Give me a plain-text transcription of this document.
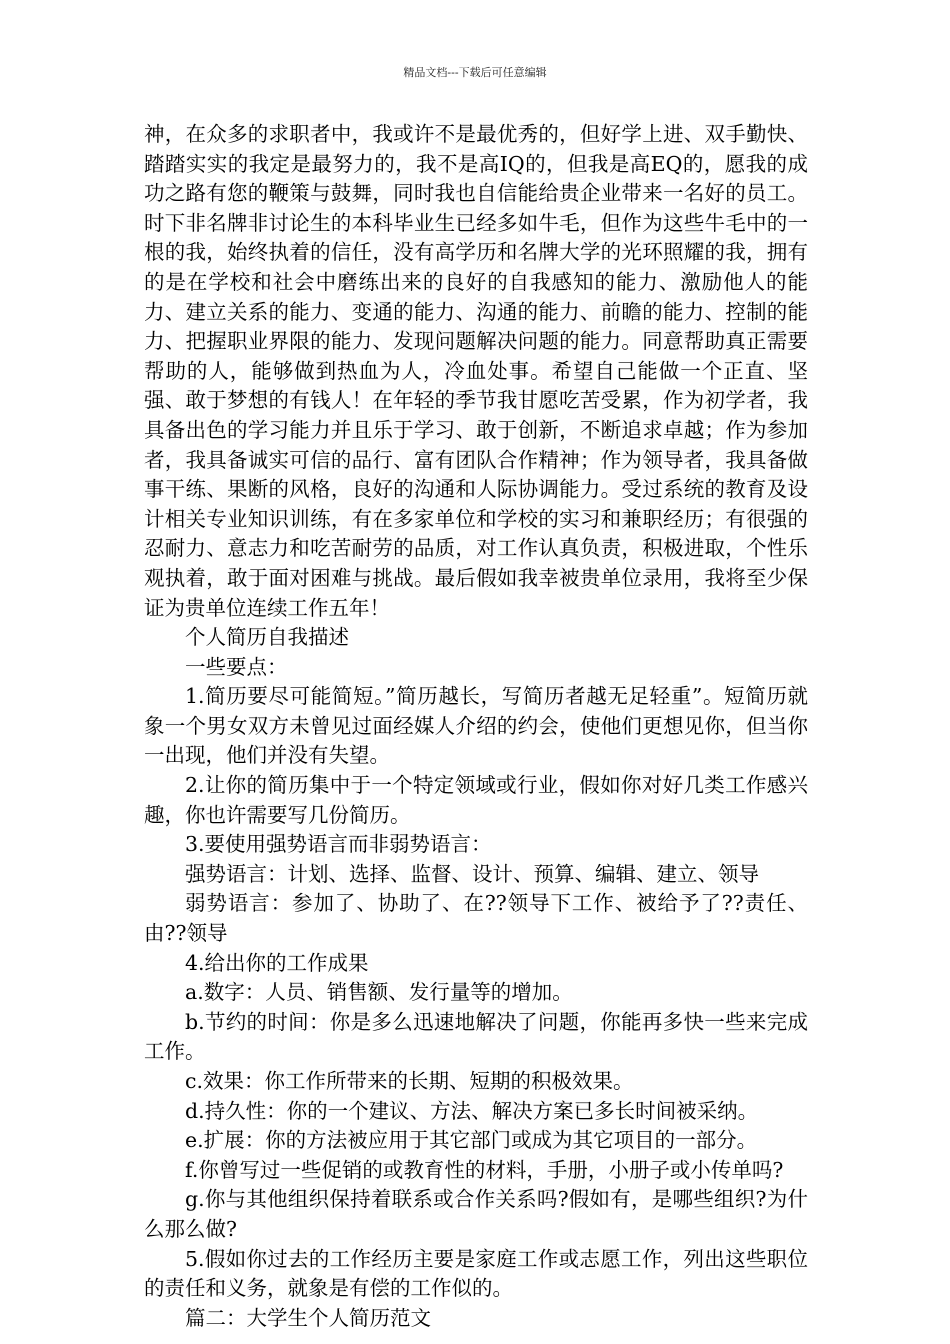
精品文档---下载后可任意编辑

神，在众多的求职者中，我或许不是最优秀的，但好学上进、双手勤快、踏踏实实的我定是最努力的，我不是高IQ的，但我是高EQ的，愿我的成功之路有您的鞭策与鼓舞，同时我也自信能给贵企业带来一名好的员工。时下非名牌非讨论生的本科毕业生已经多如牛毛，但作为这些牛毛中的一根的我，始终执着的信任，没有高学历和名牌大学的光环照耀的我，拥有的是在学校和社会中磨练出来的良好的自我感知的能力、激励他人的能力、建立关系的能力、变通的能力、沟通的能力、前瞻的能力、控制的能力、把握职业界限的能力、发现问题解决问题的能力。同意帮助真正需要帮助的人，能够做到热血为人，冷血处事。希望自己能做一个正直、坚强、敢于梦想的有钱人！在年轻的季节我甘愿吃苦受累，作为初学者，我具备出色的学习能力并且乐于学习、敢于创新，不断追求卓越；作为参加者，我具备诚实可信的品行、富有团队合作精神；作为领导者，我具备做事干练、果断的风格，良好的沟通和人际协调能力。受过系统的教育及设计相关专业知识训练，有在多家单位和学校的实习和兼职经历；有很强的忍耐力、意志力和吃苦耐劳的品质，对工作认真负责，积极进取，个性乐观执着，敢于面对困难与挑战。最后假如我幸被贵单位录用，我将至少保证为贵单位连续工作五年！

个人简历自我描述

一些要点：

1.简历要尽可能简短。”简历越长，写简历者越无足轻重”。短简历就象一个男女双方未曾见过面经媒人介绍的约会，使他们更想见你，但当你一出现，他们并没有失望。

2.让你的简历集中于一个特定领域或行业，假如你对好几类工作感兴趣，你也许需要写几份简历。

3.要使用强势语言而非弱势语言：

强势语言：计划、选择、监督、设计、预算、编辑、建立、领导

弱势语言：参加了、协助了、在??领导下工作、被给予了??责任、由??领导

4.给出你的工作成果

a.数字：人员、销售额、发行量等的增加。

b.节约的时间：你是多么迅速地解决了问题，你能再多快一些来完成工作。

c.效果：你工作所带来的长期、短期的积极效果。

d.持久性：你的一个建议、方法、解决方案已多长时间被采纳。

e.扩展：你的方法被应用于其它部门或成为其它项目的一部分。

f.你曾写过一些促销的或教育性的材料，手册，小册子或小传单吗?

g.你与其他组织保持着联系或合作关系吗?假如有，是哪些组织?为什么那么做?

5.假如你过去的工作经历主要是家庭工作或志愿工作，列出这些职位的责任和义务，就象是有偿的工作似的。

篇二：大学生个人简历范文
